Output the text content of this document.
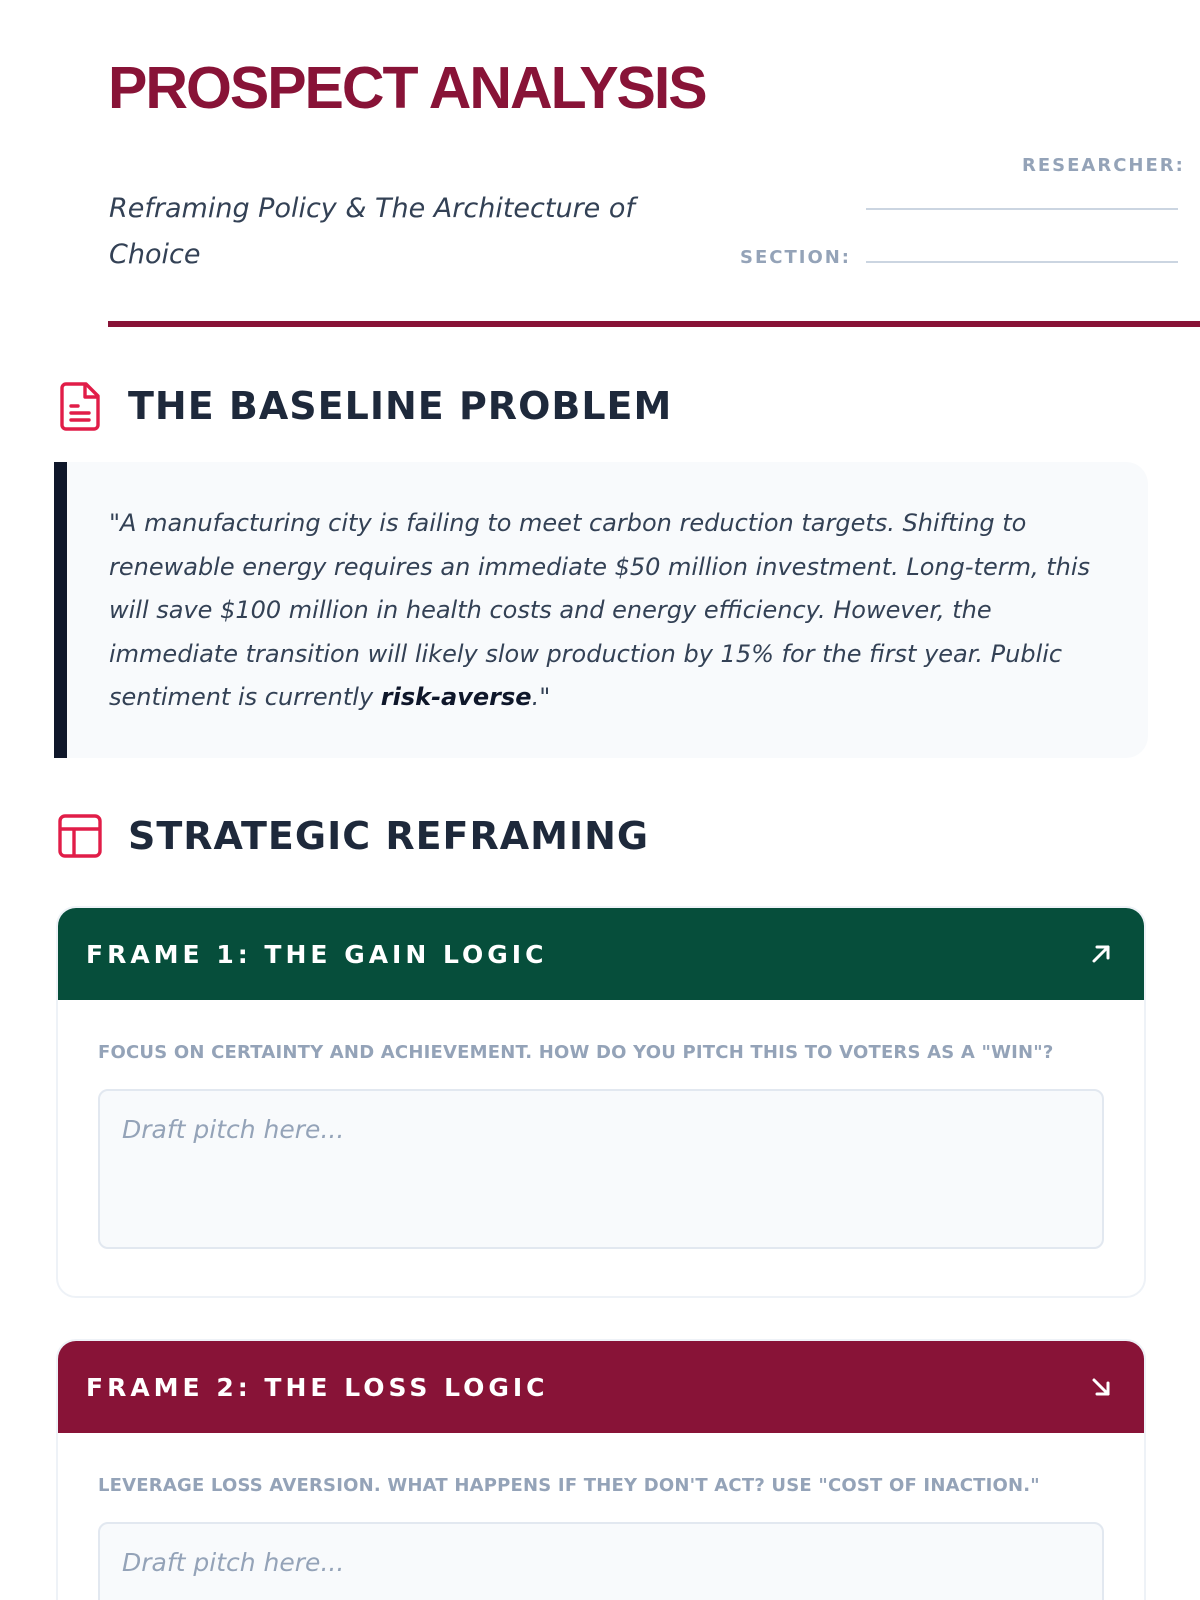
PROSPECT ANALYSIS

Reframing Policy & The Architecture of Choice

RESEARCHER:
SECTION:
THE BASELINE PROBLEM

"A manufacturing city is failing to meet carbon reduction targets. Shifting to renewable energy requires an immediate $50 million investment. Long-term, this will save $100 million in health costs and energy efficiency. However, the immediate transition will likely slow production by 15% for the first year. Public sentiment is currently risk-averse."

STRATEGIC REFRAMING
FRAME 1: THE GAIN LOGIC

FOCUS ON CERTAINTY AND ACHIEVEMENT. HOW DO YOU PITCH THIS TO VOTERS AS A "WIN"?

Draft pitch here...
FRAME 2: THE LOSS LOGIC

LEVERAGE LOSS AVERSION. WHAT HAPPENS IF THEY DON'T ACT? USE "COST OF INACTION."

Draft pitch here...
